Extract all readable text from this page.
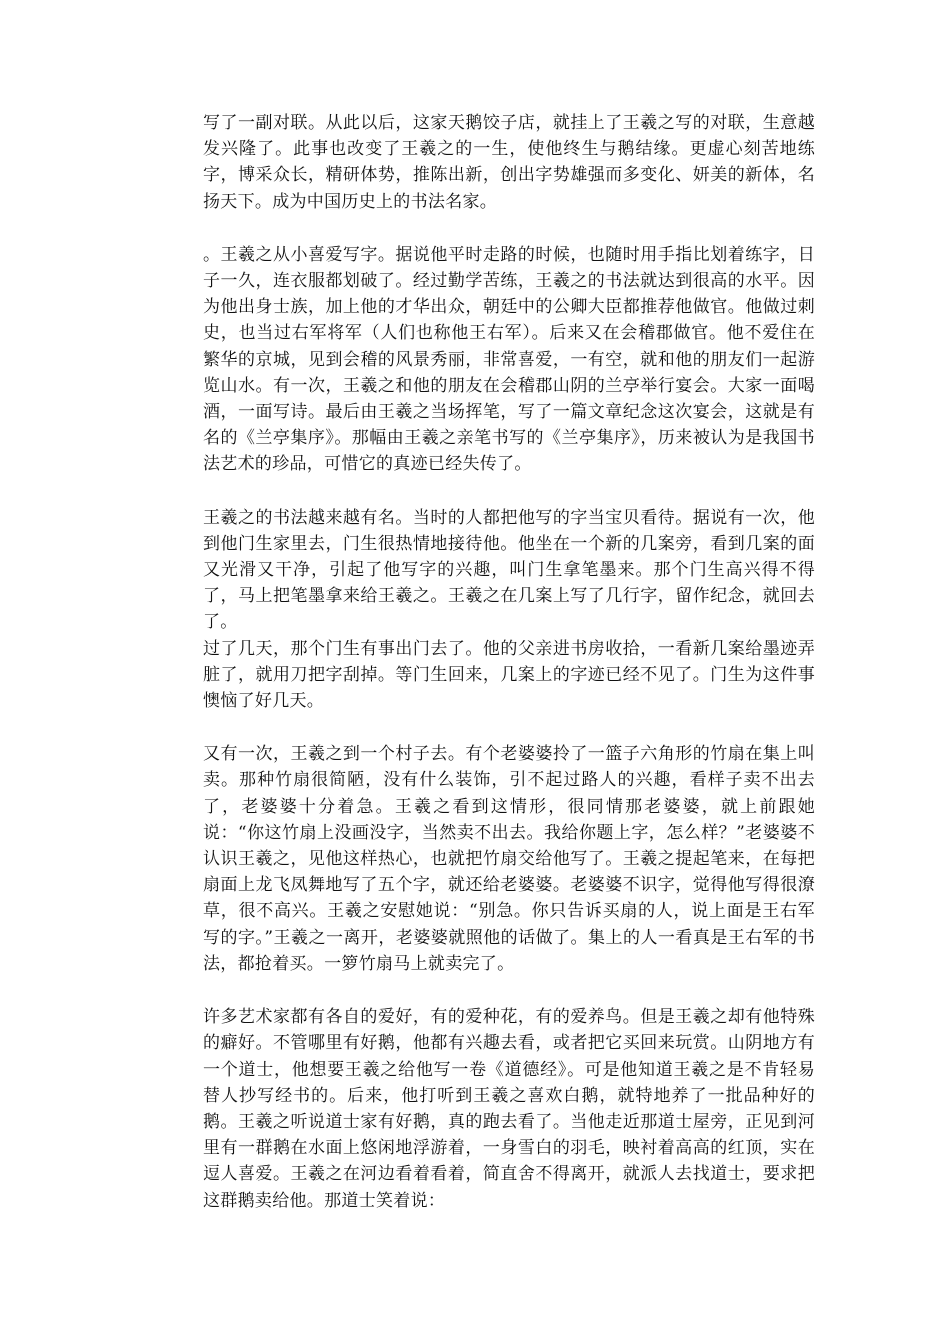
写了一副对联。从此以后，这家天鹅饺子店，就挂上了王羲之写的对联，生意越发兴隆了。此事也改变了王羲之的一生，使他终生与鹅结缘。更虚心刻苦地练字，博采众长，精研体势，推陈出新，创出字势雄强而多变化、妍美的新体，名扬天下。成为中国历史上的书法名家。

。王羲之从小喜爱写字。据说他平时走路的时候，也随时用手指比划着练字，日子一久，连衣服都划破了。经过勤学苦练，王羲之的书法就达到很高的水平。因为他出身士族，加上他的才华出众，朝廷中的公卿大臣都推荐他做官。他做过刺史，也当过右军将军（人们也称他王右军）。后来又在会稽郡做官。他不爱住在繁华的京城，见到会稽的风景秀丽，非常喜爱，一有空，就和他的朋友们一起游览山水。有一次，王羲之和他的朋友在会稽郡山阴的兰亭举行宴会。大家一面喝酒，一面写诗。最后由王羲之当场挥笔，写了一篇文章纪念这次宴会，这就是有名的《兰亭集序》。那幅由王羲之亲笔书写的《兰亭集序》，历来被认为是我国书法艺术的珍品，可惜它的真迹已经失传了。

王羲之的书法越来越有名。当时的人都把他写的字当宝贝看待。据说有一次，他到他门生家里去，门生很热情地接待他。他坐在一个新的几案旁，看到几案的面又光滑又干净，引起了他写字的兴趣，叫门生拿笔墨来。那个门生高兴得不得了，马上把笔墨拿来给王羲之。王羲之在几案上写了几行字，留作纪念，就回去了。

过了几天，那个门生有事出门去了。他的父亲进书房收拾，一看新几案给墨迹弄脏了，就用刀把字刮掉。等门生回来，几案上的字迹已经不见了。门生为这件事懊恼了好几天。

又有一次，王羲之到一个村子去。有个老婆婆拎了一篮子六角形的竹扇在集上叫卖。那种竹扇很简陋，没有什么装饰，引不起过路人的兴趣，看样子卖不出去了，老婆婆十分着急。王羲之看到这情形，很同情那老婆婆，就上前跟她说：“你这竹扇上没画没字，当然卖不出去。我给你题上字，怎么样？”老婆婆不认识王羲之，见他这样热心，也就把竹扇交给他写了。王羲之提起笔来，在每把扇面上龙飞凤舞地写了五个字，就还给老婆婆。老婆婆不识字，觉得他写得很潦草，很不高兴。王羲之安慰她说：“别急。你只告诉买扇的人，说上面是王右军写的字。”王羲之一离开，老婆婆就照他的话做了。集上的人一看真是王右军的书法，都抢着买。一箩竹扇马上就卖完了。

许多艺术家都有各自的爱好，有的爱种花，有的爱养鸟。但是王羲之却有他特殊的癖好。不管哪里有好鹅，他都有兴趣去看，或者把它买回来玩赏。山阴地方有一个道士，他想要王羲之给他写一卷《道德经》。可是他知道王羲之是不肯轻易替人抄写经书的。后来，他打听到王羲之喜欢白鹅，就特地养了一批品种好的鹅。王羲之听说道士家有好鹅，真的跑去看了。当他走近那道士屋旁，正见到河里有一群鹅在水面上悠闲地浮游着，一身雪白的羽毛，映衬着高高的红顶，实在逗人喜爱。王羲之在河边看着看着，简直舍不得离开，就派人去找道士，要求把这群鹅卖给他。那道士笑着说：
